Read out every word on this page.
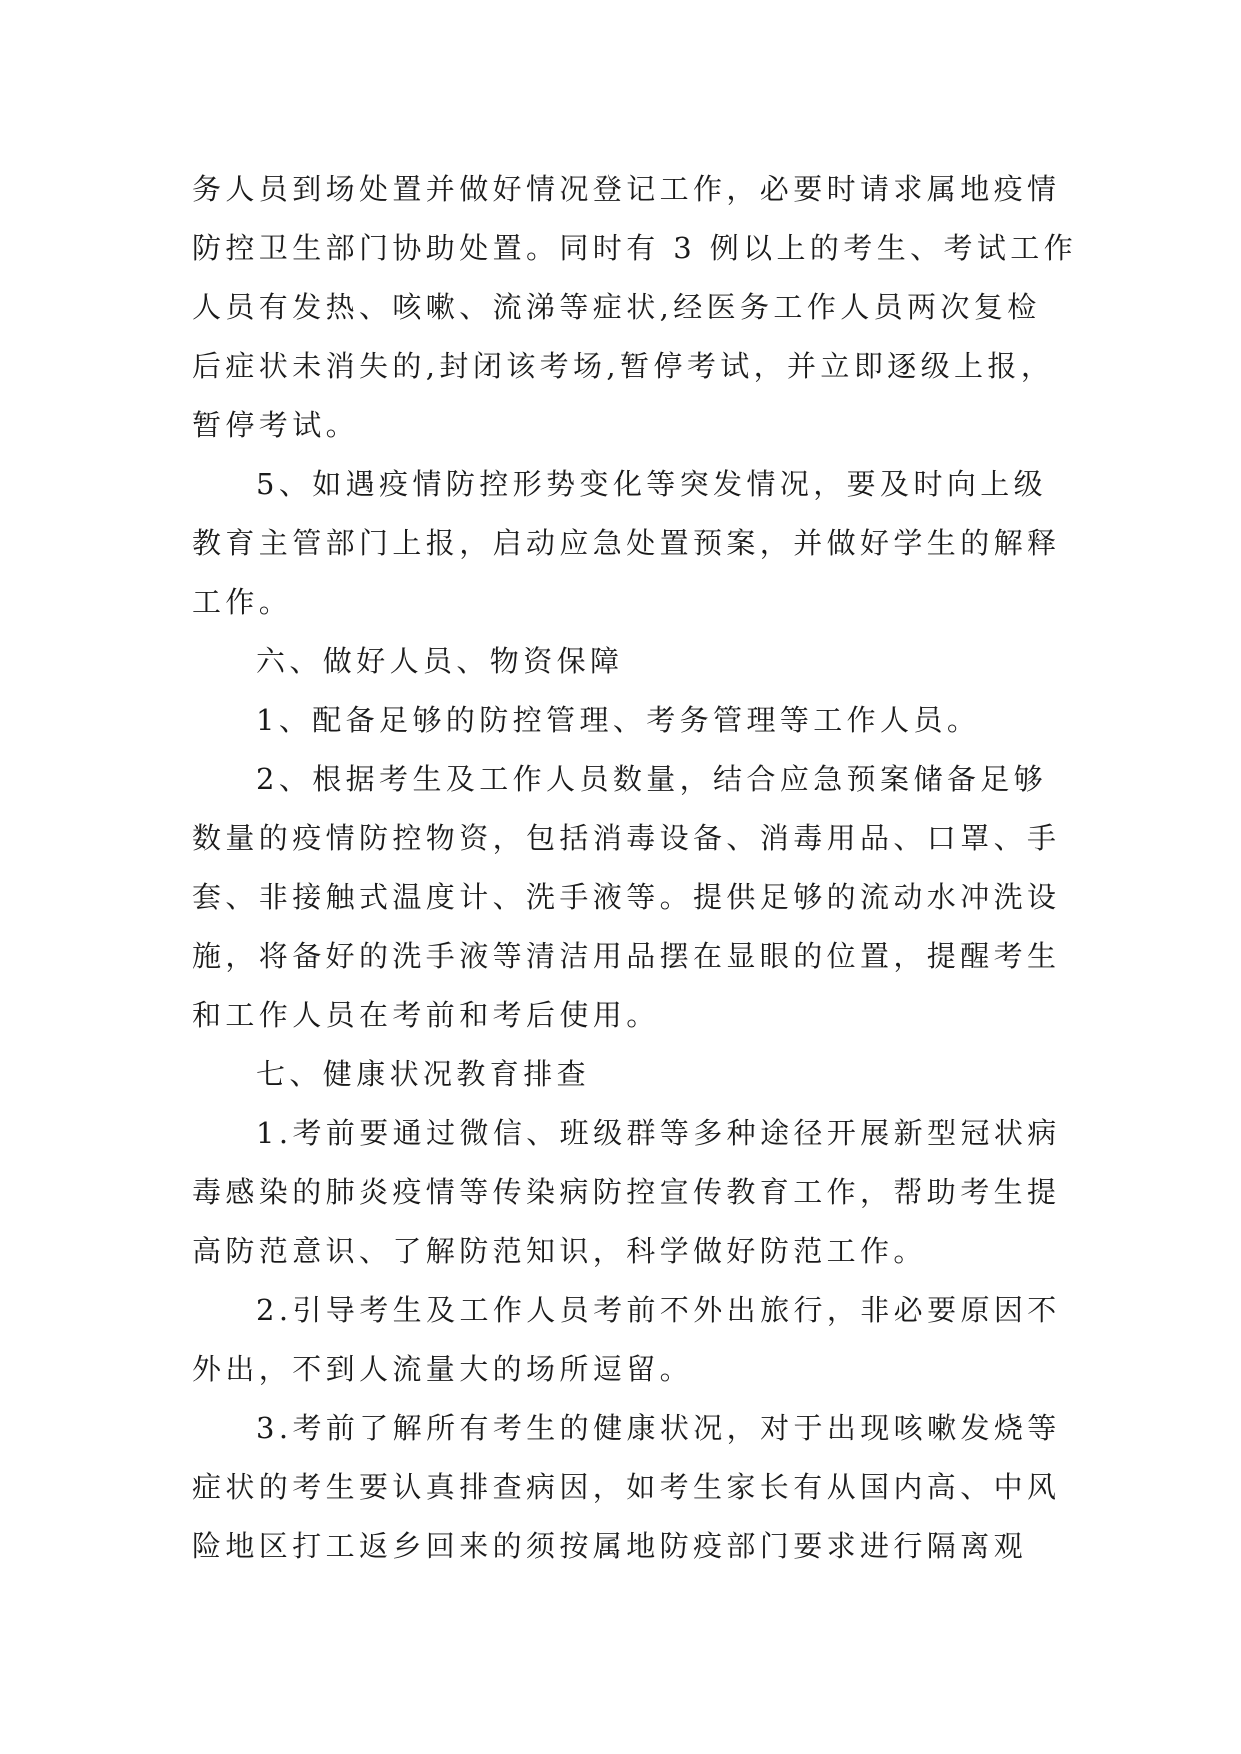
务人员到场处置并做好情况登记工作，必要时请求属地疫情
防控卫生部门协助处置。同时有 3 例以上的考生、考试工作
人员有发热、咳嗽、流涕等症状,经医务工作人员两次复检
后症状未消失的,封闭该考场,暂停考试，并立即逐级上报，
暂停考试。
5、如遇疫情防控形势变化等突发情况，要及时向上级
教育主管部门上报，启动应急处置预案，并做好学生的解释
工作。
六、做好人员、物资保障
1、配备足够的防控管理、考务管理等工作人员。
2、根据考生及工作人员数量，结合应急预案储备足够
数量的疫情防控物资，包括消毒设备、消毒用品、口罩、手
套、非接触式温度计、洗手液等。提供足够的流动水冲洗设
施，将备好的洗手液等清洁用品摆在显眼的位置，提醒考生
和工作人员在考前和考后使用。
七、健康状况教育排查
1.考前要通过微信、班级群等多种途径开展新型冠状病
毒感染的肺炎疫情等传染病防控宣传教育工作，帮助考生提
高防范意识、了解防范知识，科学做好防范工作。
2.引导考生及工作人员考前不外出旅行，非必要原因不
外出，不到人流量大的场所逗留。
3.考前了解所有考生的健康状况，对于出现咳嗽发烧等
症状的考生要认真排查病因，如考生家长有从国内高、中风
险地区打工返乡回来的须按属地防疫部门要求进行隔离观
